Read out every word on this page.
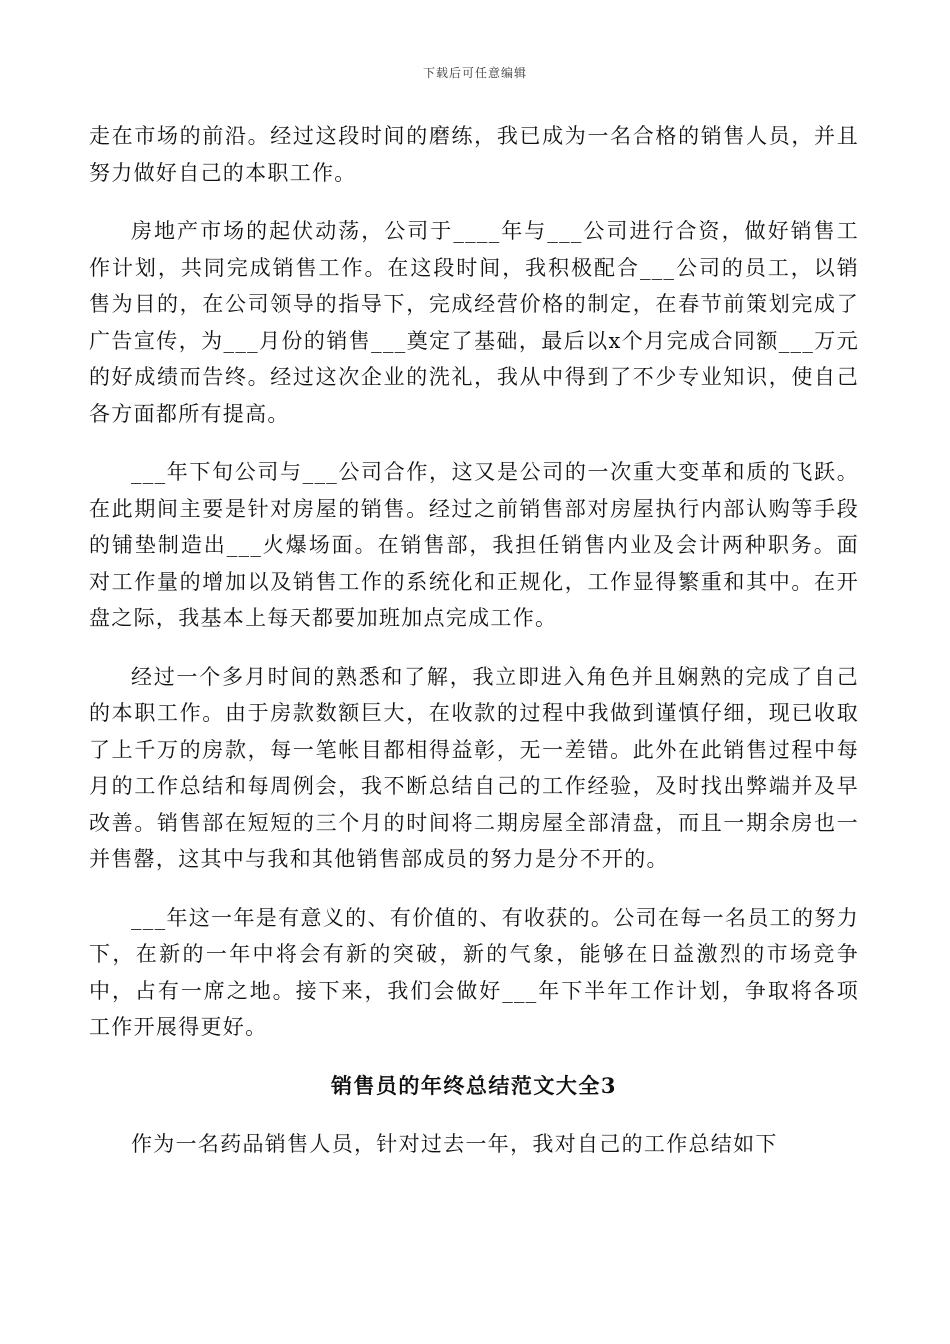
下载后可任意编辑

走在市场的前沿。经过这段时间的磨练，我已成为一名合格的销售人员，并且努力做好自己的本职工作。

房地产市场的起伏动荡，公司于____年与___公司进行合资，做好销售工作计划，共同完成销售工作。在这段时间，我积极配合___公司的员工，以销售为目的，在公司领导的指导下，完成经营价格的制定，在春节前策划完成了广告宣传，为___月份的销售___奠定了基础，最后以x个月完成合同额___万元的好成绩而告终。经过这次企业的洗礼，我从中得到了不少专业知识，使自己各方面都所有提高。

___年下旬公司与___公司合作，这又是公司的一次重大变革和质的飞跃。在此期间主要是针对房屋的销售。经过之前销售部对房屋执行内部认购等手段的铺垫制造出___火爆场面。在销售部，我担任销售内业及会计两种职务。面对工作量的增加以及销售工作的系统化和正规化，工作显得繁重和其中。在开盘之际，我基本上每天都要加班加点完成工作。

经过一个多月时间的熟悉和了解，我立即进入角色并且娴熟的完成了自己的本职工作。由于房款数额巨大，在收款的过程中我做到谨慎仔细，现已收取了上千万的房款，每一笔帐目都相得益彰，无一差错。此外在此销售过程中每月的工作总结和每周例会，我不断总结自己的工作经验，及时找出弊端并及早改善。销售部在短短的三个月的时间将二期房屋全部清盘，而且一期余房也一并售罄，这其中与我和其他销售部成员的努力是分不开的。

___年这一年是有意义的、有价值的、有收获的。公司在每一名员工的努力下，在新的一年中将会有新的突破，新的气象，能够在日益激烈的市场竞争中，占有一席之地。接下来，我们会做好___年下半年工作计划，争取将各项工作开展得更好。

销售员的年终总结范文大全3

作为一名药品销售人员，针对过去一年，我对自己的工作总结如下
